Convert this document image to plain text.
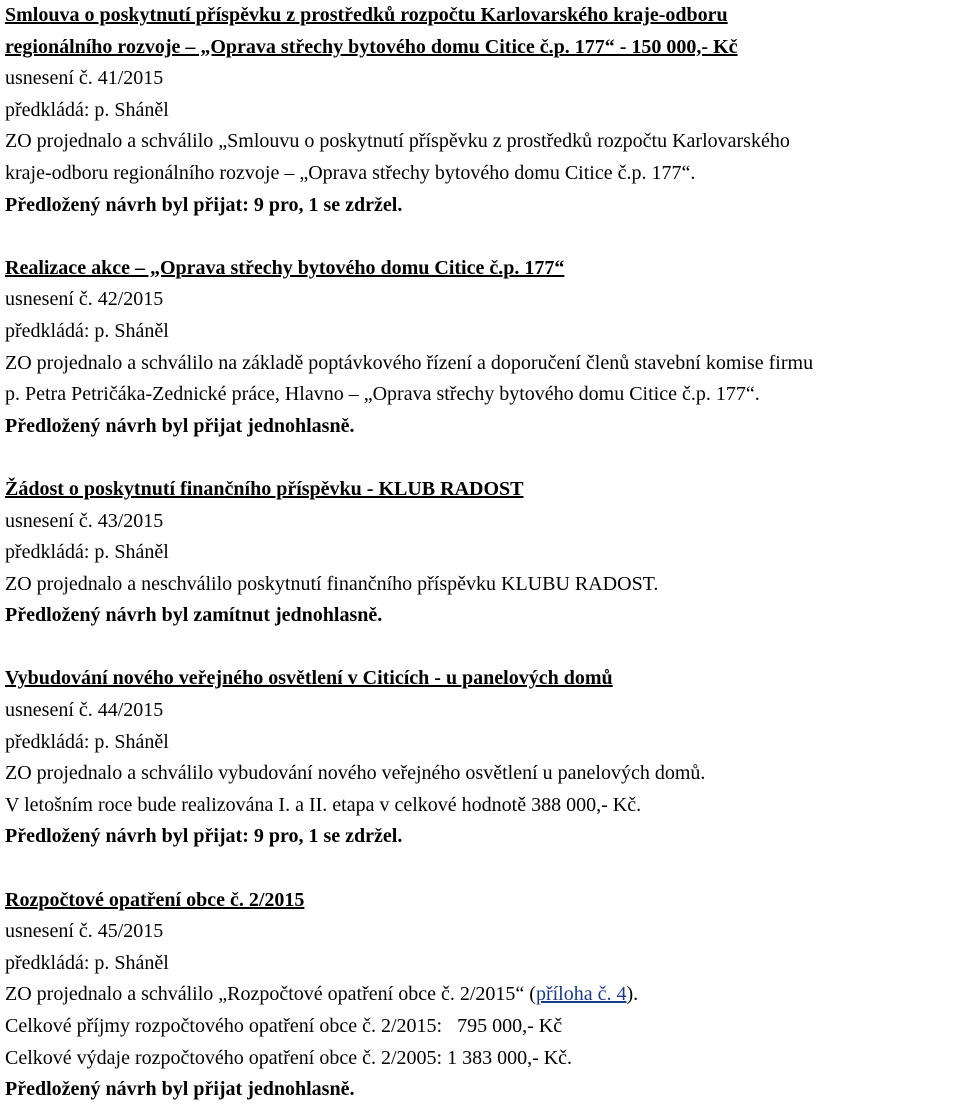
Smlouva o poskytnutí příspěvku z prostředků rozpočtu Karlovarského kraje-odboru
regionálního rozvoje – „Oprava střechy bytového domu Citice č.p. 177“ - 150 000,- Kč
usnesení č. 41/2015
předkládá: p. Sháněl
ZO projednalo a schválilo „Smlouvu o poskytnutí příspěvku z prostředků rozpočtu Karlovarského
kraje-odboru regionálního rozvoje – „Oprava střechy bytového domu Citice č.p. 177“.
Předložený návrh byl přijat: 9 pro, 1 se zdržel.
Realizace akce – „Oprava střechy bytového domu Citice č.p. 177“
usnesení č. 42/2015
předkládá: p. Sháněl
ZO projednalo a schválilo na základě poptávkového řízení a doporučení členů stavební komise firmu
p. Petra Petričáka-Zednické práce, Hlavno – „Oprava střechy bytového domu Citice č.p. 177“.
Předložený návrh byl přijat jednohlasně.
Žádost o poskytnutí finančního příspěvku - KLUB RADOST
usnesení č. 43/2015
předkládá: p. Sháněl
ZO projednalo a neschválilo poskytnutí finančního příspěvku KLUBU RADOST.
Předložený návrh byl zamítnut jednohlasně.
Vybudování nového veřejného osvětlení v Citicích - u panelových domů
usnesení č. 44/2015
předkládá: p. Sháněl
ZO projednalo a schválilo vybudování nového veřejného osvětlení u panelových domů.
V letošním roce bude realizována I. a II. etapa v celkové hodnotě 388 000,- Kč.
Předložený návrh byl přijat: 9 pro, 1 se zdržel.
Rozpočtové opatření obce č. 2/2015
usnesení č. 45/2015
předkládá: p. Sháněl
ZO projednalo a schválilo „Rozpočtové opatření obce č. 2/2015“ (příloha č. 4).
Celkové příjmy rozpočtového opatření obce č. 2/2015:   795 000,- Kč
Celkové výdaje rozpočtového opatření obce č. 2/2005: 1 383 000,- Kč.
Předložený návrh byl přijat jednohlasně.
